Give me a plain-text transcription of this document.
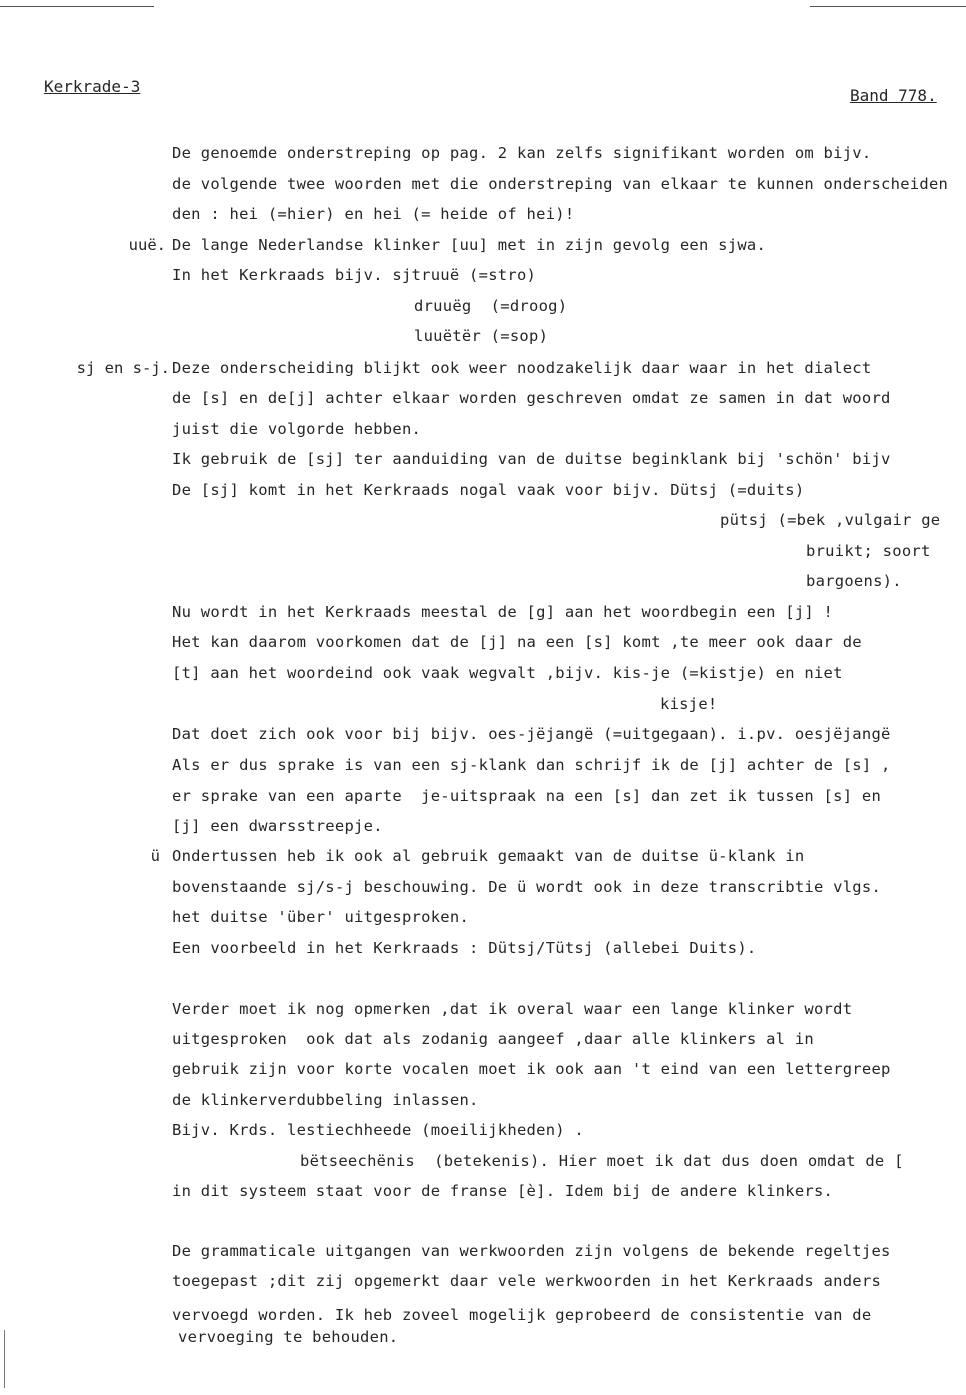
Kerkrade-3	Band 778.
uuë.
sj en s-j.
ü
De genoemde onderstreping op pag. 2 kan zelfs signifikant worden om bijv.
de volgende twee woorden met die onderstreping van elkaar te kunnen onderscheiden
den : hei (=hier) en hei (= heide of hei)!
De lange Nederlandse klinker [uu] met in zijn gevolg een sjwa.
In het Kerkraads bijv. sjtruuë (=stro)
druuëg  (=droog)
luuëtër (=sop)
Deze onderscheiding blijkt ook weer noodzakelijk daar waar in het dialect
de [s] en de[j] achter elkaar worden geschreven omdat ze samen in dat woord
juist die volgorde hebben.
Ik gebruik de [sj] ter aanduiding van de duitse beginklank bij 'schön' bijv
De [sj] komt in het Kerkraads nogal vaak voor bijv. Dütsj (=duits)
pütsj (=bek ,vulgair ge
bruikt; soort
bargoens).
Nu wordt in het Kerkraads meestal de [g] aan het woordbegin een [j] !
Het kan daarom voorkomen dat de [j] na een [s] komt ,te meer ook daar de
[t] aan het woordeind ook vaak wegvalt ,bijv. kis-je (=kistje) en niet
kisje!
Dat doet zich ook voor bij bijv. oes-jëjangë (=uitgegaan). i.pv. oesjëjangë
Als er dus sprake is van een sj-klank dan schrijf ik de [j] achter de [s] ,
er sprake van een aparte  je-uitspraak na een [s] dan zet ik tussen [s] en
[j] een dwarsstreepje.
Ondertussen heb ik ook al gebruik gemaakt van de duitse ü-klank in
bovenstaande sj/s-j beschouwing. De ü wordt ook in deze transcribtie vlgs.
het duitse 'über' uitgesproken.
Een voorbeeld in het Kerkraads : Dütsj/Tütsj (allebei Duits).
Verder moet ik nog opmerken ,dat ik overal waar een lange klinker wordt
uitgesproken  ook dat als zodanig aangeef ,daar alle klinkers al in
gebruik zijn voor korte vocalen moet ik ook aan 't eind van een lettergreep
de klinkerverdubbeling inlassen.
Bijv. Krds. lestiechheede (moeilijkheden) .
bëtseechënis  (betekenis). Hier moet ik dat dus doen omdat de [
in dit systeem staat voor de franse [è]. Idem bij de andere klinkers.
De grammaticale uitgangen van werkwoorden zijn volgens de bekende regeltjes
toegepast ;dit zij opgemerkt daar vele werkwoorden in het Kerkraads anders
vervoegd worden. Ik heb zoveel mogelijk geprobeerd de consistentie van de
vervoeging te behouden.
